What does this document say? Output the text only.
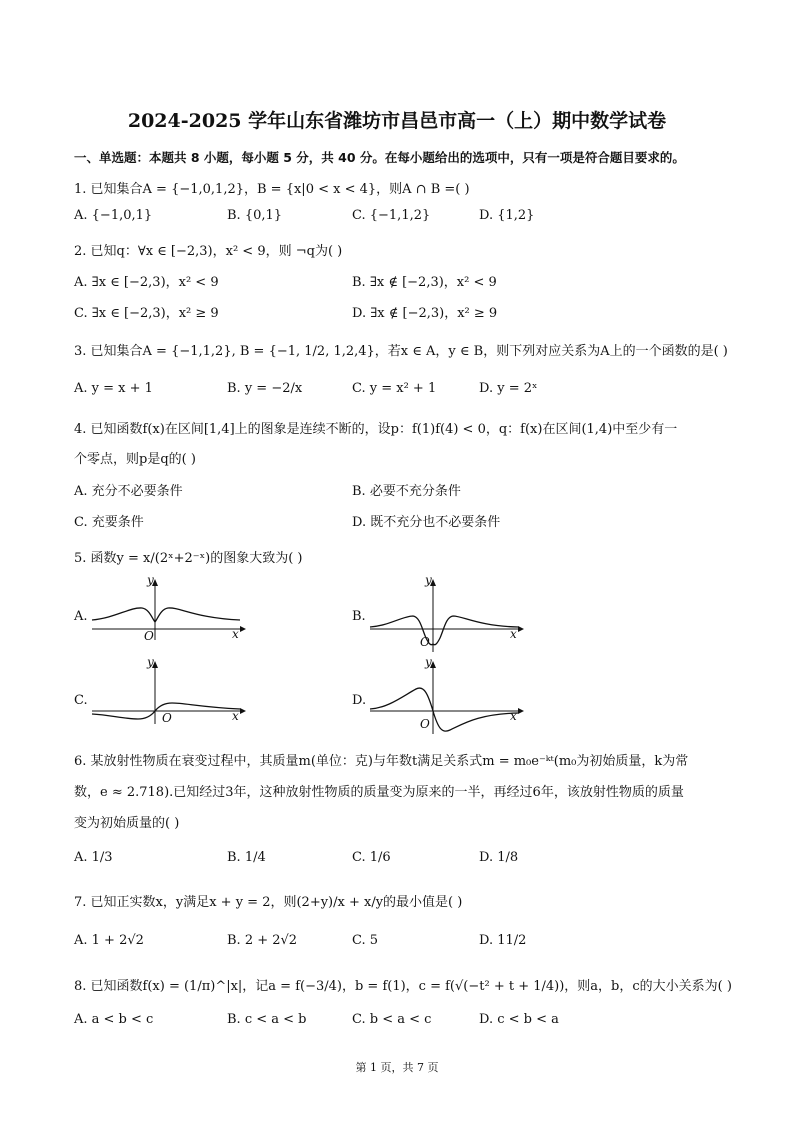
2024-2025 学年山东省潍坊市昌邑市高一（上）期中数学试卷
一、单选题：本题共 8 小题，每小题 5 分，共 40 分。在每小题给出的选项中，只有一项是符合题目要求的。
1. 已知集合A = {−1,0,1,2}，B = {x|0 < x < 4}，则A ∩ B =( )
A. {−1,0,1}	B. {0,1}	C. {−1,1,2}	D. {1,2}
2. 已知q：∀x ∈ [−2,3)，x² < 9，则 ¬q为( )
A. ∃x ∈ [−2,3)，x² < 9	B. ∃x ∉ [−2,3)，x² < 9
C. ∃x ∈ [−2,3)，x² ≥ 9	D. ∃x ∉ [−2,3)，x² ≥ 9
3. 已知集合A = {−1,1,2}, B = {−1, 1/2, 1,2,4}，若x ∈ A，y ∈ B，则下列对应关系为A上的一个函数的是( )
A. y = x + 1	B. y = −2/x	C. y = x² + 1	D. y = 2ˣ
4. 已知函数f(x)在区间[1,4]上的图象是连续不断的，设p：f(1)f(4) < 0，q：f(x)在区间(1,4)中至少有一
个零点，则p是q的( )
A. 充分不必要条件	B. 必要不充分条件
C. 充要条件	D. 既不充分也不必要条件
5. 函数y = x/(2ˣ+2⁻ˣ)的图象大致为( )
A.
y
x
O
B.
y
x
O
C.
y
x
O
D.
y
x
O
6. 某放射性物质在衰变过程中，其质量m(单位：克)与年数t满足关系式m = m₀e⁻ᵏᵗ(m₀为初始质量，k为常
数，e ≈ 2.718).已知经过3年，这种放射性物质的质量变为原来的一半，再经过6年，该放射性物质的质量
变为初始质量的( )
A. 1/3	B. 1/4	C. 1/6	D. 1/8
7. 已知正实数x，y满足x + y = 2，则(2+y)/x + x/y的最小值是( )
A. 1 + 2√2	B. 2 + 2√2	C. 5	D. 11/2
8. 已知函数f(x) = (1/π)^|x|，记a = f(−3/4)，b = f(1)，c = f(√(−t² + t + 1/4))，则a，b，c的大小关系为( )
A. a < b < c	B. c < a < b	C. b < a < c	D. c < b < a
第 1 页，共 7 页
